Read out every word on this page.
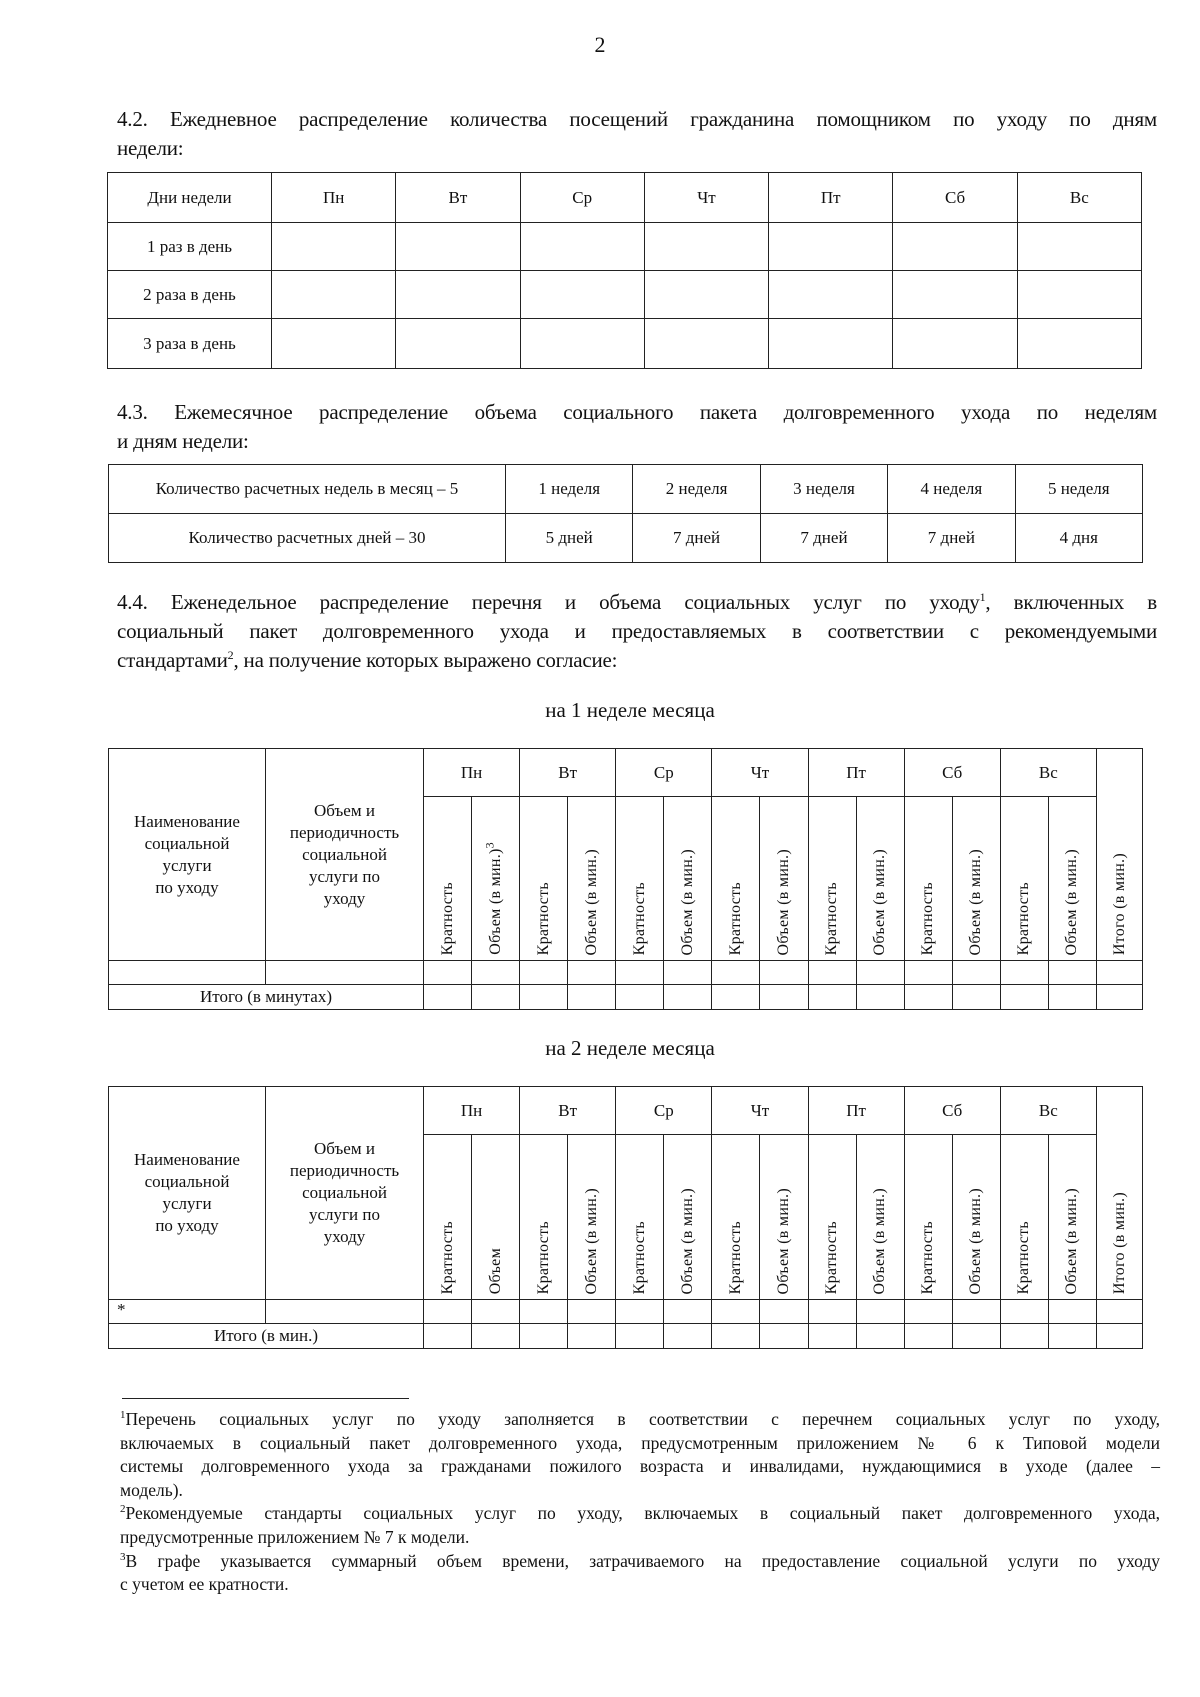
2
4.2. Ежедневное распределение количества посещений гражданина помощником по уходу по дням
недели:
Дни недели	Пн	Вт	Ср	Чт	Пт	Сб	Вс
1 раз в день							
2 раза в день							
3 раза в день							
4.3. Ежемесячное распределение объема социального пакета долговременного ухода по неделям
и дням недели:
Количество расчетных недель в месяц – 5	1 неделя	2 неделя	3 неделя	4 неделя	5 неделя
Количество расчетных дней – 30	5 дней	7 дней	7 дней	7 дней	4 дня
4.4. Еженедельное распределение перечня и объема социальных услуг по уходу$^1$, включенных в
социальный пакет долговременного ухода и предоставляемых в соответствии с рекомендуемыми
стандартами$^2$, на получение которых выражено согласие:
на 1 неделе месяца
Наименование
социальной
услуги
по уходу	Объем и
периодичность
социальной
услуги по
уходу	Пн		Вт		Ср		Чт		Пт		Сб		Вс		Итого (в мин.)
		Кратность	Объем (в мин.)$^3$	Кратность	Объем (в мин.)	Кратность	Объем (в мин.)	Кратность	Объем (в мин.)	Кратность	Объем (в мин.)	Кратность	Объем (в мин.)	Кратность	Объем (в мин.)	

Итого (в минутах)																
на 2 неделе месяца
Наименование
социальной
услуги
по уходу	Объем и
периодичность
социальной
услуги по
уходу	Пн		Вт		Ср		Чт		Пт		Сб		Вс		Итого (в мин.)
		Кратность	Объем	Кратность	Объем (в мин.)	Кратность	Объем (в мин.)	Кратность	Объем (в мин.)	Кратность	Объем (в мин.)	Кратность	Объем (в мин.)	Кратность	Объем (в мин.)	
*																
Итого (в мин.)																
$^1$Перечень социальных услуг по уходу заполняется в соответствии с перечнем социальных услуг по уходу,
включаемых в социальный пакет долговременного ухода, предусмотренным приложением № 6 к Типовой модели
системы долговременного ухода за гражданами пожилого возраста и инвалидами, нуждающимися в уходе (далее –
модель).
$^2$Рекомендуемые стандарты социальных услуг по уходу, включаемых в социальный пакет долговременного ухода,
предусмотренные приложением № 7 к модели.
$^3$В графе указывается суммарный объем времени, затрачиваемого на предоставление социальной услуги по уходу
с учетом ее кратности.
